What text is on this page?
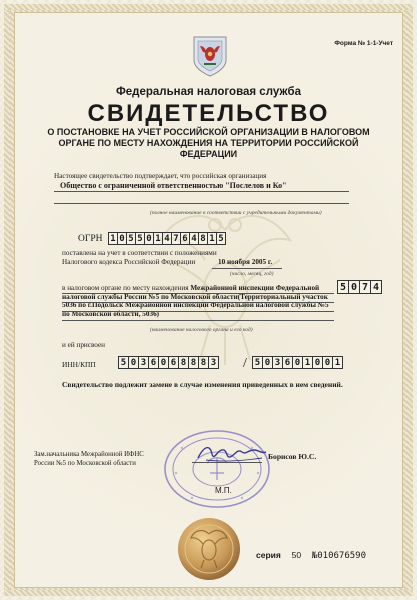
Форма № 1-1-Учет
Федеральная налоговая служба
СВИДЕТЕЛЬСТВО
О ПОСТАНОВКЕ НА УЧЕТ РОССИЙСКОЙ ОРГАНИЗАЦИИ В НАЛОГОВОМ ОРГАНЕ ПО МЕСТУ НАХОЖДЕНИЯ НА ТЕРРИТОРИИ РОССИЙСКОЙ ФЕДЕРАЦИИ
Настоящее свидетельство подтверждает, что российская организация
Общество с ограниченной ответственностью "Послелов и Ко"
(полное наименование в соответствии с учредительными документами)
ОГРН 1 0 5 5 0 1 4 7 6 4 8 1 5
поставлена на учет в соответствии с положениями
Налогового кодекса Российской Федерации	10 ноября 2005 г.
(число, месяц, год)
в налоговом органе по месту нахождения Межрайонной инспекции Федеральной налоговой службы России №5 по Московской области(Территориальный участок 5036 по г.Подольск Межрайонной инспекции Федеральной налоговой службы №5 по Московской области, 5036)
5 0 7 4
(наименование налогового органа и его код)
и ей присвоен
ИНН/КПП	5 0 3 6 0 6 8 8 8 3 / 5 0 3 6 0 1 0 0 1
Свидетельство подлежит замене в случае изменения приведенных в нем сведений.
Зам.начальника Межрайонной ИФНС
России №5 по Московской области
Борисов Ю.С.
М.П.
серия 50 №010676590
